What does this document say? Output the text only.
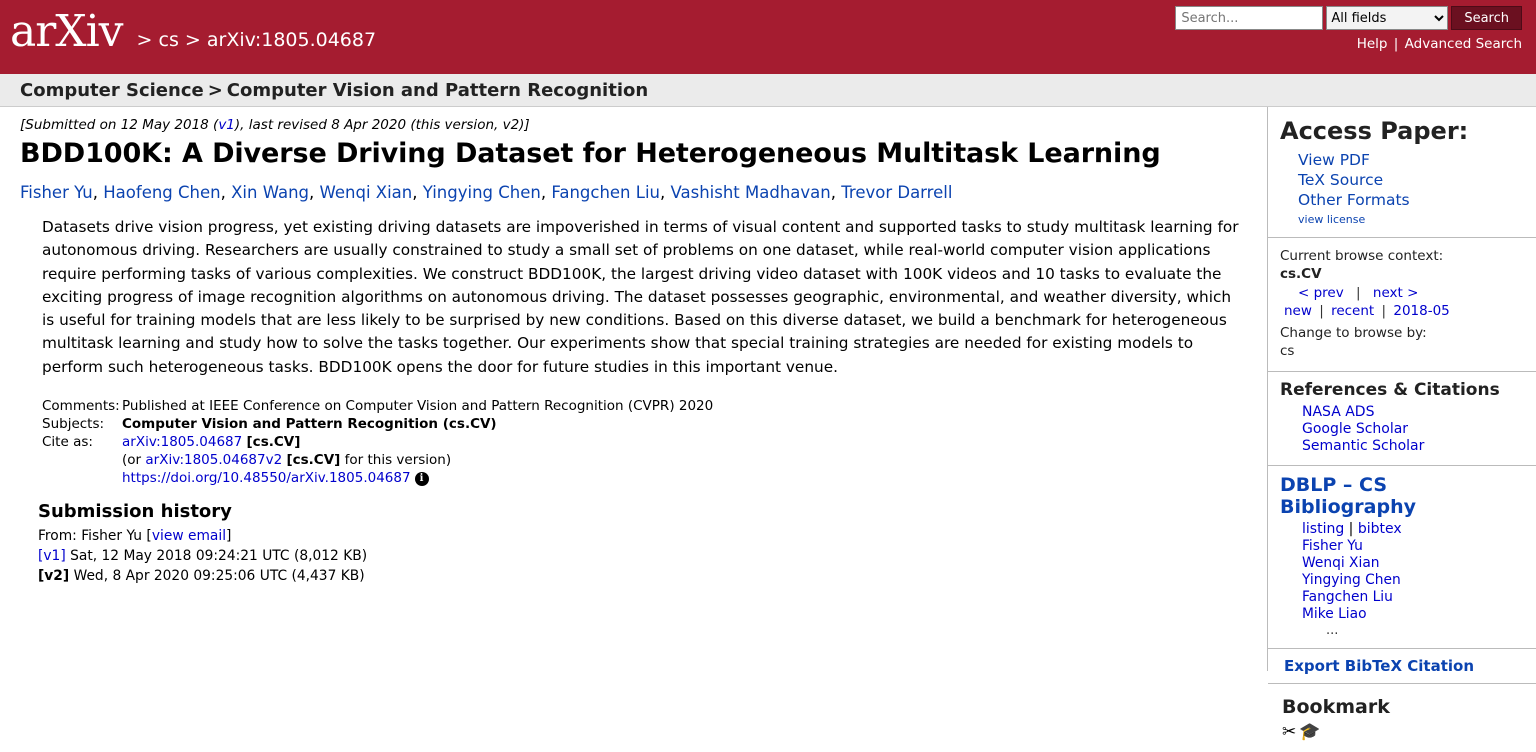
arXiv > cs > arXiv:1805.04687
Search...
All fields
Search
Help | Advanced Search
Computer Science > Computer Vision and Pattern Recognition
[Submitted on 12 May 2018 (v1), last revised 8 Apr 2020 (this version, v2)]
BDD100K: A Diverse Driving Dataset for Heterogeneous Multitask Learning
Fisher Yu, Haofeng Chen, Xin Wang, Wenqi Xian, Yingying Chen, Fangchen Liu, Vashisht Madhavan, Trevor Darrell
Datasets drive vision progress, yet existing driving datasets are impoverished in terms of visual content and supported tasks to study multitask learning for autonomous driving. Researchers are usually constrained to study a small set of problems on one dataset, while real-world computer vision applications require performing tasks of various complexities. We construct BDD100K, the largest driving video dataset with 100K videos and 10 tasks to evaluate the exciting progress of image recognition algorithms on autonomous driving. The dataset possesses geographic, environmental, and weather diversity, which is useful for training models that are less likely to be surprised by new conditions. Based on this diverse dataset, we build a benchmark for heterogeneous multitask learning and study how to solve the tasks together. Our experiments show that special training strategies are needed for existing models to perform such heterogeneous tasks. BDD100K opens the door for future studies in this important venue.
Comments:	Published at IEEE Conference on Computer Vision and Pattern Recognition (CVPR) 2020
Subjects:	Computer Vision and Pattern Recognition (cs.CV)
Cite as:	arXiv:1805.04687 [cs.CV]
	(or arXiv:1805.04687v2 [cs.CV] for this version)
	https://doi.org/10.48550/arXiv.1805.04687 i
Submission history
From: Fisher Yu [view email]
[v1] Sat, 12 May 2018 09:24:21 UTC (8,012 KB)
[v2] Wed, 8 Apr 2020 09:25:06 UTC (4,437 KB)
Access Paper:
View PDF
TeX Source
Other Formats
view license
Current browse context:
cs.CV
< prev | next >
new | recent | 2018-05
Change to browse by:
cs
References & Citations
NASA ADS
Google Scholar
Semantic Scholar
DBLP – CS Bibliography
listing | bibtex
Fisher Yu
Wenqi Xian
Yingying Chen
Fangchen Liu
Mike Liao
...
Export BibTeX Citation
Bookmark
✂🎓
